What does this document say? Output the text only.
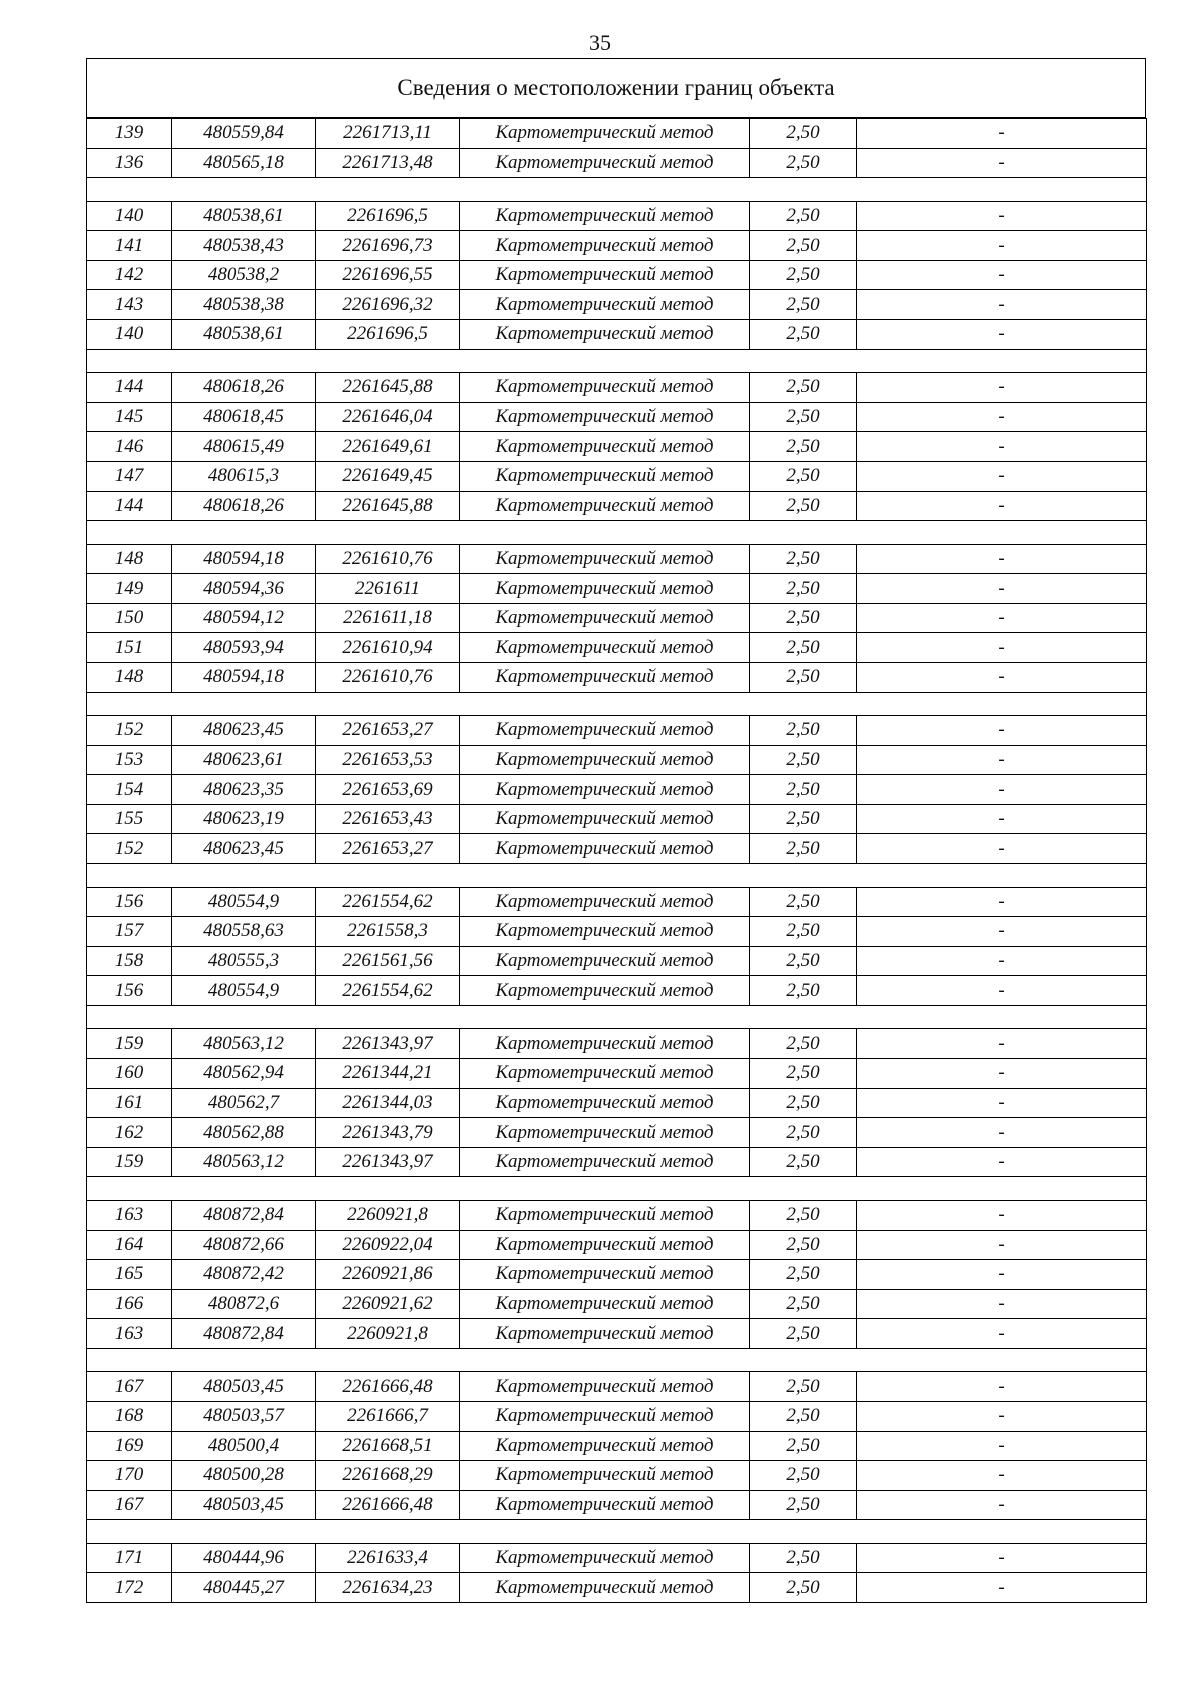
35
Сведения о местоположении границ объекта
139	480559,84	2261713,11	Картометрический метод	2,50	-
136	480565,18	2261713,48	Картометрический метод	2,50	-

140	480538,61	2261696,5	Картометрический метод	2,50	-
141	480538,43	2261696,73	Картометрический метод	2,50	-
142	480538,2	2261696,55	Картометрический метод	2,50	-
143	480538,38	2261696,32	Картометрический метод	2,50	-
140	480538,61	2261696,5	Картометрический метод	2,50	-

144	480618,26	2261645,88	Картометрический метод	2,50	-
145	480618,45	2261646,04	Картометрический метод	2,50	-
146	480615,49	2261649,61	Картометрический метод	2,50	-
147	480615,3	2261649,45	Картометрический метод	2,50	-
144	480618,26	2261645,88	Картометрический метод	2,50	-

148	480594,18	2261610,76	Картометрический метод	2,50	-
149	480594,36	2261611	Картометрический метод	2,50	-
150	480594,12	2261611,18	Картометрический метод	2,50	-
151	480593,94	2261610,94	Картометрический метод	2,50	-
148	480594,18	2261610,76	Картометрический метод	2,50	-

152	480623,45	2261653,27	Картометрический метод	2,50	-
153	480623,61	2261653,53	Картометрический метод	2,50	-
154	480623,35	2261653,69	Картометрический метод	2,50	-
155	480623,19	2261653,43	Картометрический метод	2,50	-
152	480623,45	2261653,27	Картометрический метод	2,50	-

156	480554,9	2261554,62	Картометрический метод	2,50	-
157	480558,63	2261558,3	Картометрический метод	2,50	-
158	480555,3	2261561,56	Картометрический метод	2,50	-
156	480554,9	2261554,62	Картометрический метод	2,50	-

159	480563,12	2261343,97	Картометрический метод	2,50	-
160	480562,94	2261344,21	Картометрический метод	2,50	-
161	480562,7	2261344,03	Картометрический метод	2,50	-
162	480562,88	2261343,79	Картометрический метод	2,50	-
159	480563,12	2261343,97	Картометрический метод	2,50	-

163	480872,84	2260921,8	Картометрический метод	2,50	-
164	480872,66	2260922,04	Картометрический метод	2,50	-
165	480872,42	2260921,86	Картометрический метод	2,50	-
166	480872,6	2260921,62	Картометрический метод	2,50	-
163	480872,84	2260921,8	Картометрический метод	2,50	-

167	480503,45	2261666,48	Картометрический метод	2,50	-
168	480503,57	2261666,7	Картометрический метод	2,50	-
169	480500,4	2261668,51	Картометрический метод	2,50	-
170	480500,28	2261668,29	Картометрический метод	2,50	-
167	480503,45	2261666,48	Картометрический метод	2,50	-

171	480444,96	2261633,4	Картометрический метод	2,50	-
172	480445,27	2261634,23	Картометрический метод	2,50	-
